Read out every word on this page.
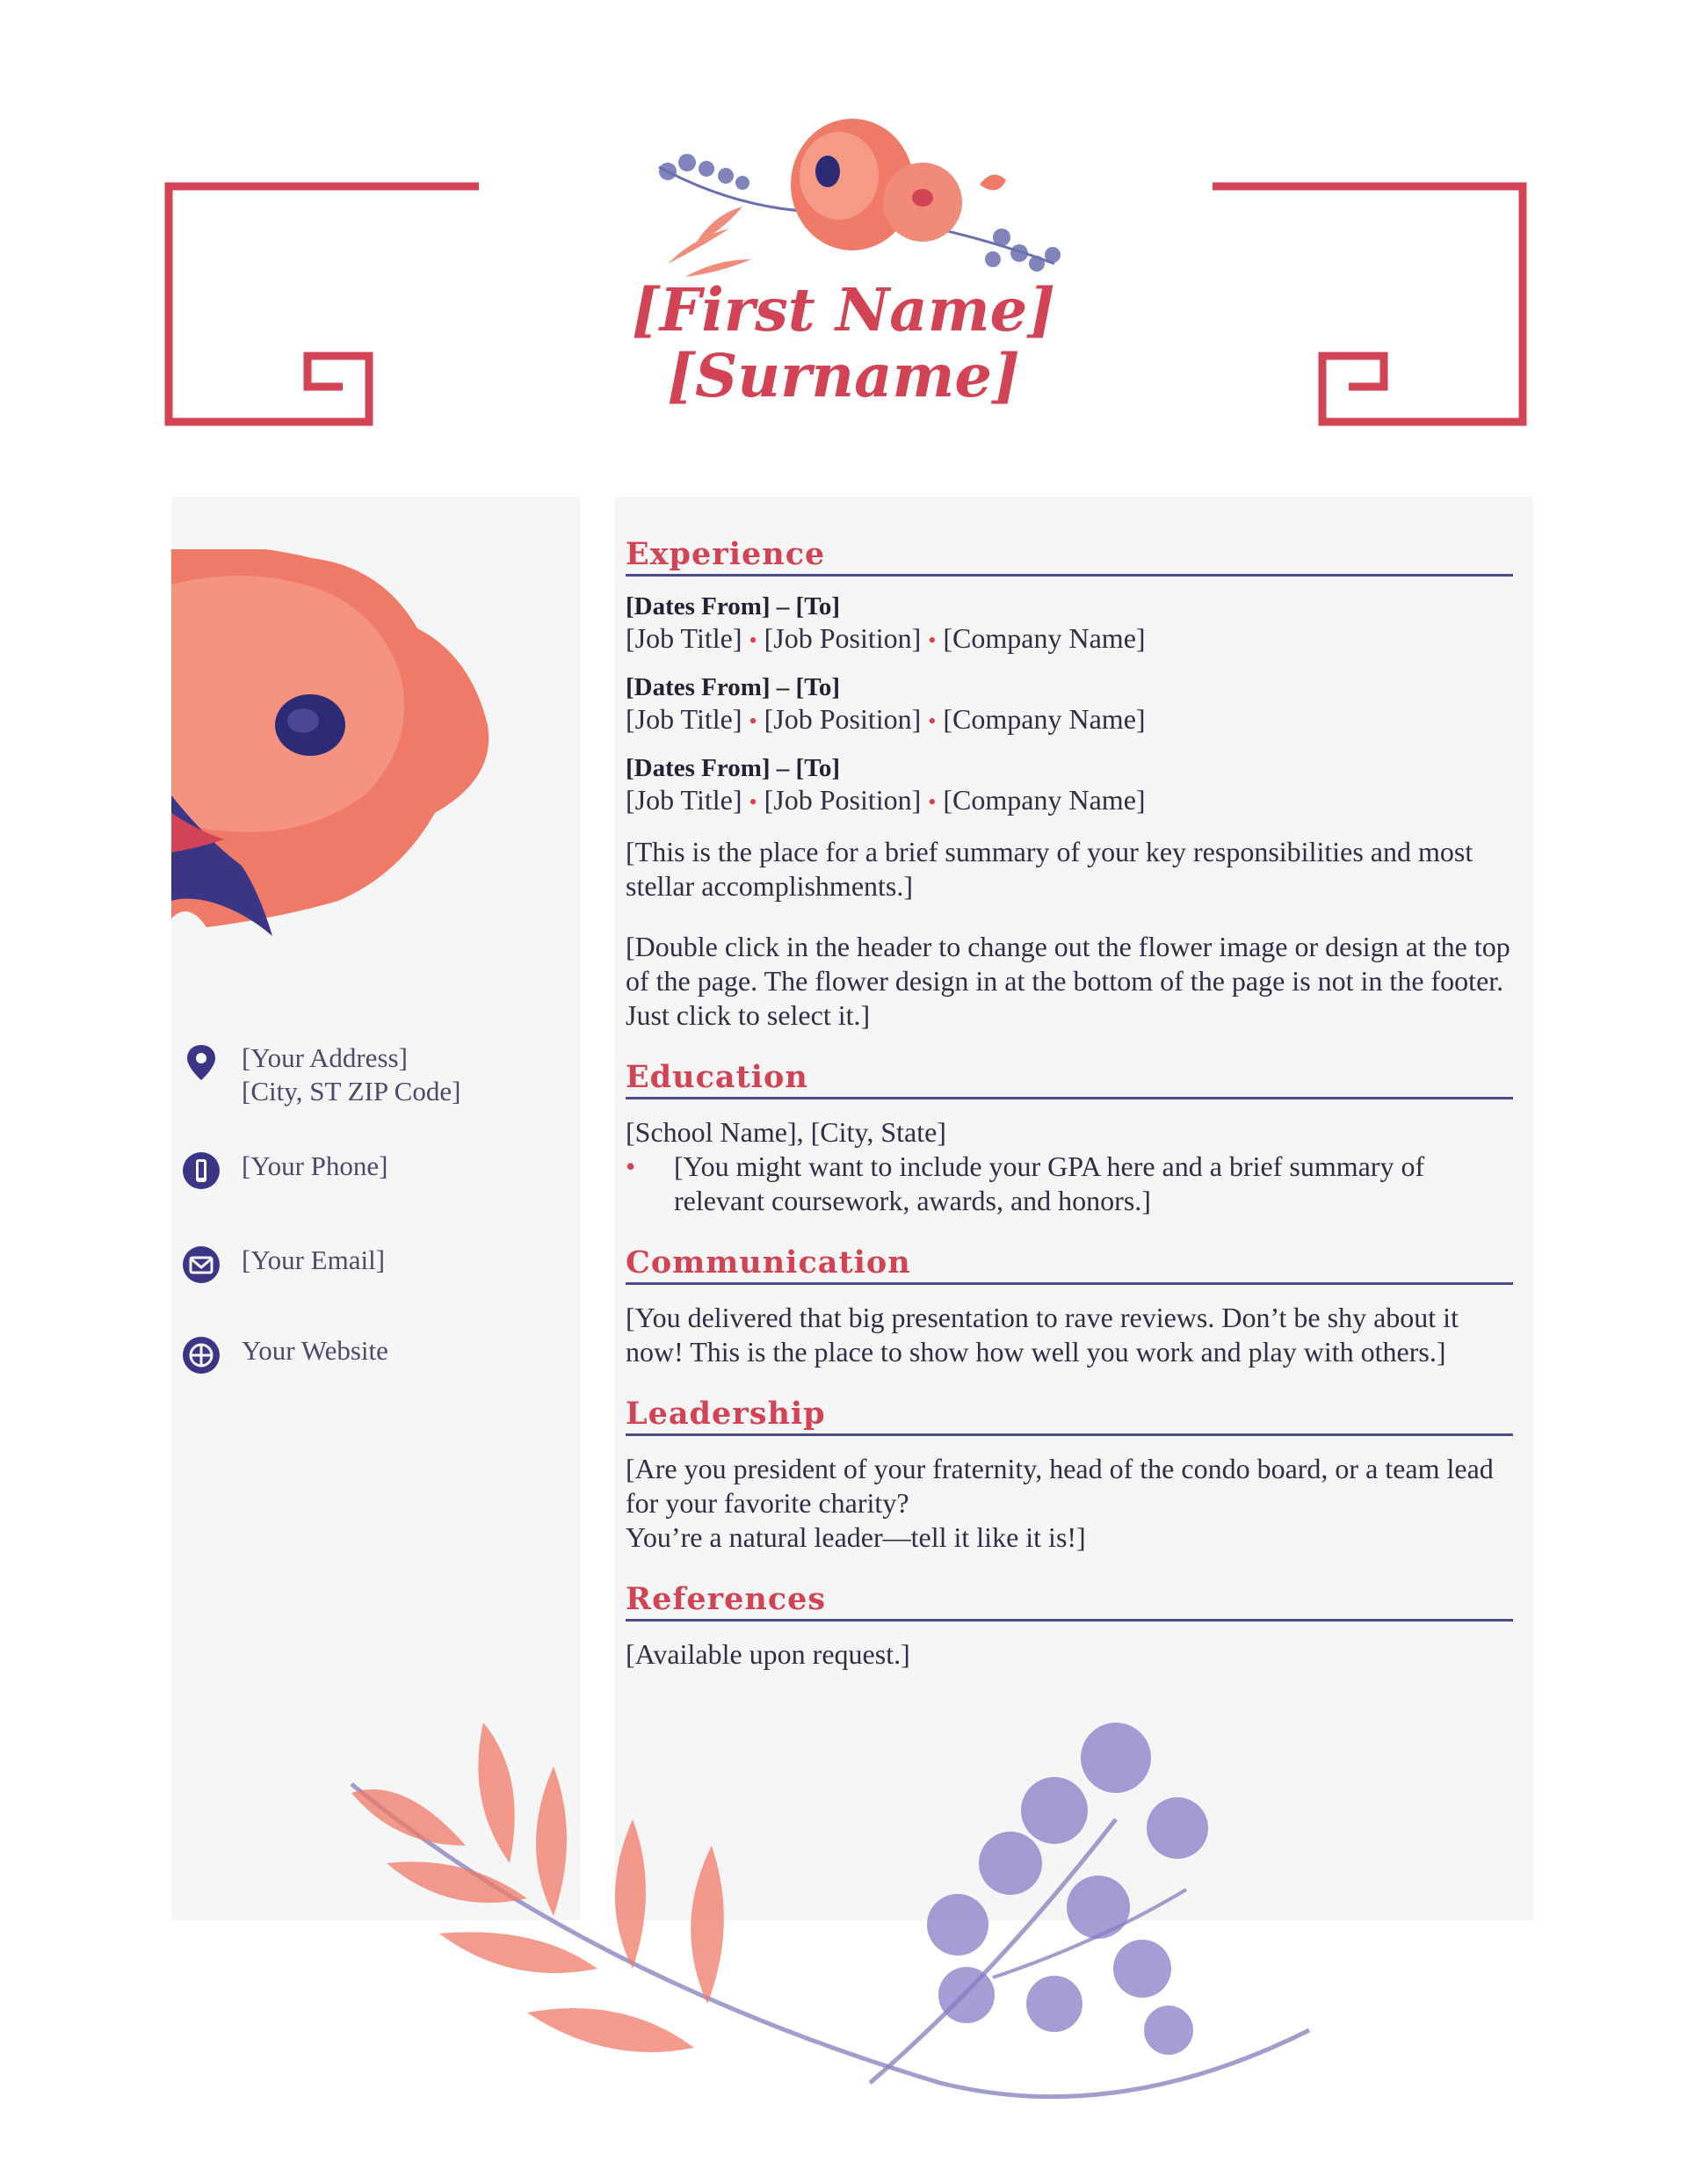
[First Name]
[Surname]
[Your Address]
[City, ST ZIP Code]
[Your Phone]
[Your Email]
Your Website
Experience
[Dates From] – [To]
[Job Title] • [Job Position] • [Company Name]
[Dates From] – [To]
[Job Title] • [Job Position] • [Company Name]
[Dates From] – [To]
[Job Title] • [Job Position] • [Company Name]

[This is the place for a brief summary of your key responsibilities and most stellar accomplishments.]

[Double click in the header to change out the flower image or design at the top of the page. The flower design in at the bottom of the page is not in the footer. Just click to select it.]

Education
[School Name], [City, State]
•	[You might want to include your GPA here and a brief summary of relevant coursework, awards, and honors.]
Communication

[You delivered that big presentation to rave reviews. Don’t be shy about it now! This is the place to show how well you work and play with others.]

Leadership

[Are you president of your fraternity, head of the condo board, or a team lead for your favorite charity?

You’re a natural leader—tell it like it is!]

References

[Available upon request.]
